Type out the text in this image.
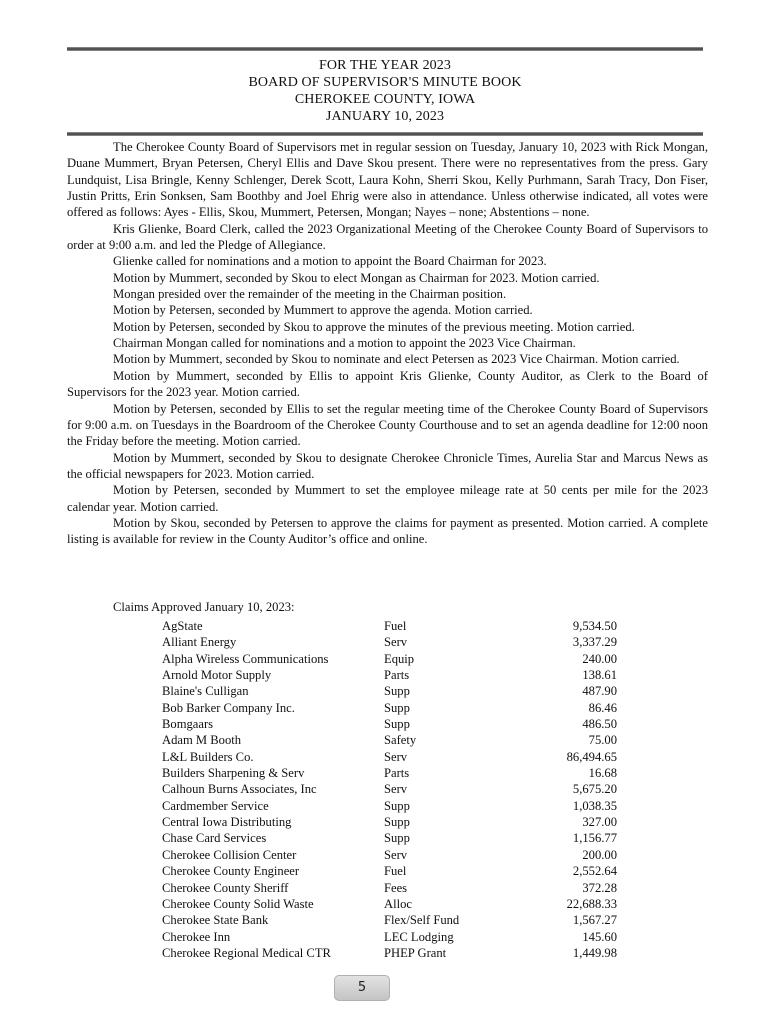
FOR THE YEAR 2023
BOARD OF SUPERVISOR'S MINUTE BOOK
CHEROKEE COUNTY, IOWA
JANUARY 10, 2023

The Cherokee County Board of Supervisors met in regular session on Tuesday, January 10, 2023 with Rick Mongan, Duane Mummert, Bryan Petersen, Cheryl Ellis and Dave Skou present. There were no representatives from the press. Gary Lundquist, Lisa Bringle, Kenny Schlenger, Derek Scott, Laura Kohn, Sherri Skou, Kelly Purhmann, Sarah Tracy, Don Fiser, Justin Pritts, Erin Sonksen, Sam Boothby and Joel Ehrig were also in attendance. Unless otherwise indicated, all votes were offered as follows: Ayes - Ellis, Skou, Mummert, Petersen, Mongan; Nayes – none; Abstentions – none.

Kris Glienke, Board Clerk, called the 2023 Organizational Meeting of the Cherokee County Board of Supervisors to order at 9:00 a.m. and led the Pledge of Allegiance.

Glienke called for nominations and a motion to appoint the Board Chairman for 2023.

Motion by Mummert, seconded by Skou to elect Mongan as Chairman for 2023. Motion carried.

Mongan presided over the remainder of the meeting in the Chairman position.

Motion by Petersen, seconded by Mummert to approve the agenda. Motion carried.

Motion by Petersen, seconded by Skou to approve the minutes of the previous meeting. Motion carried.

Chairman Mongan called for nominations and a motion to appoint the 2023 Vice Chairman.

Motion by Mummert, seconded by Skou to nominate and elect Petersen as 2023 Vice Chairman. Motion carried.

Motion by Mummert, seconded by Ellis to appoint Kris Glienke, County Auditor, as Clerk to the Board of Supervisors for the 2023 year. Motion carried.

Motion by Petersen, seconded by Ellis to set the regular meeting time of the Cherokee County Board of Supervisors for 9:00 a.m. on Tuesdays in the Boardroom of the Cherokee County Courthouse and to set an agenda deadline for 12:00 noon the Friday before the meeting. Motion carried.

Motion by Mummert, seconded by Skou to designate Cherokee Chronicle Times, Aurelia Star and Marcus News as the official newspapers for 2023. Motion carried.

Motion by Petersen, seconded by Mummert to set the employee mileage rate at 50 cents per mile for the 2023 calendar year. Motion carried.

Motion by Skou, seconded by Petersen to approve the claims for payment as presented. Motion carried. A complete listing is available for review in the County Auditor’s office and online.

Claims Approved January 10, 2023:
AgState	Fuel	9,534.50
Alliant Energy	Serv	3,337.29
Alpha Wireless Communications	Equip	240.00
Arnold Motor Supply	Parts	138.61
Blaine's Culligan	Supp	487.90
Bob Barker Company Inc.	Supp	86.46
Bomgaars	Supp	486.50
Adam M Booth	Safety	75.00
L&L Builders Co.	Serv	86,494.65
Builders Sharpening & Serv	Parts	16.68
Calhoun Burns Associates, Inc	Serv	5,675.20
Cardmember Service	Supp	1,038.35
Central Iowa Distributing	Supp	327.00
Chase Card Services	Supp	1,156.77
Cherokee Collision Center	Serv	200.00
Cherokee County Engineer	Fuel	2,552.64
Cherokee County Sheriff	Fees	372.28
Cherokee County Solid Waste	Alloc	22,688.33
Cherokee State Bank	Flex/Self Fund	1,567.27
Cherokee Inn	LEC Lodging	145.60
Cherokee Regional Medical CTR	PHEP Grant	1,449.98
5
